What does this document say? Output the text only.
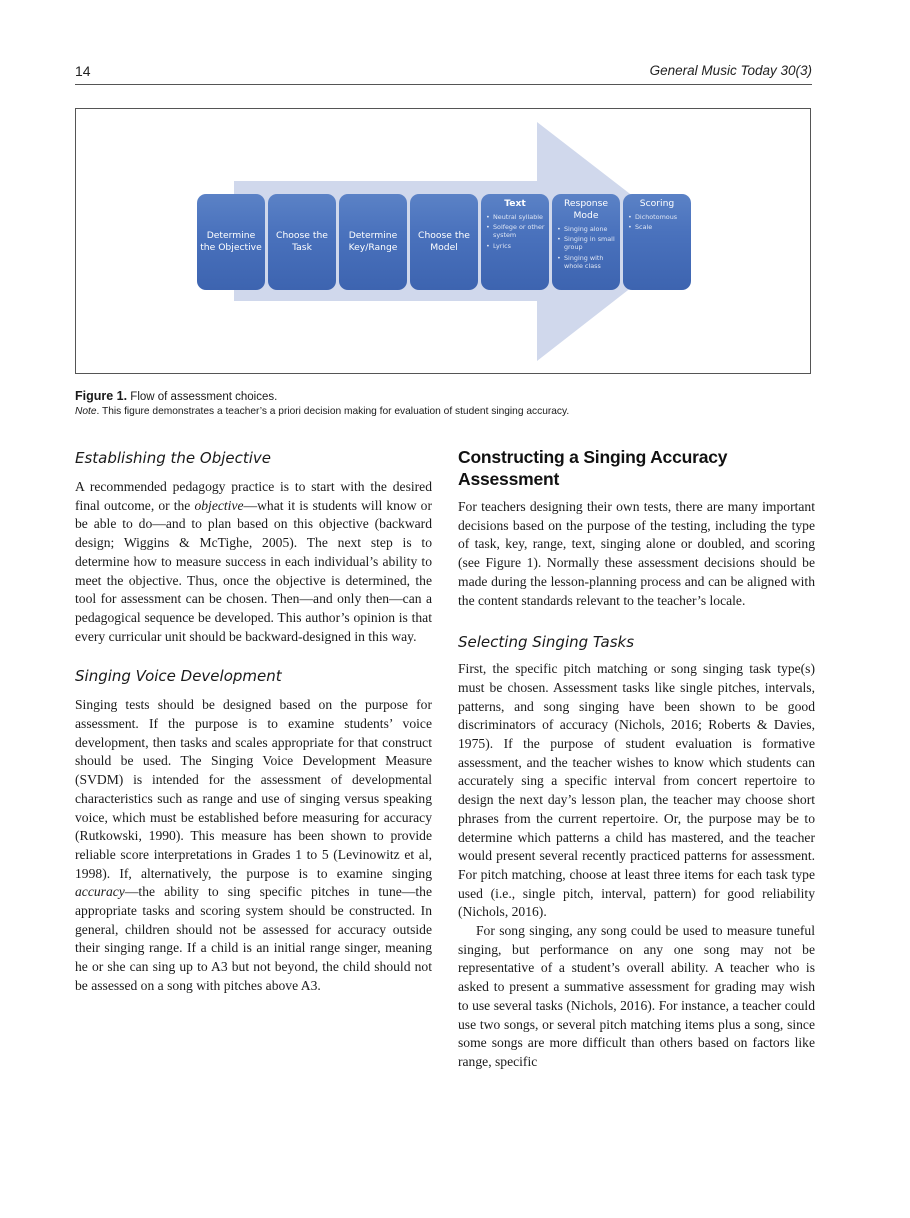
14	General Music Today 30(3)
Determine the Objective
Choose the Task
Determine Key/Range
Choose the Model
Text
• Neutral syllable
• Solfege or other system
• Lyrics
Response Mode
• Singing alone
• Singing in small group
• Singing with whole class
Scoring
• Dichotomous
• Scale
Figure 1. Flow of assessment choices.
Note. This figure demonstrates a teacher’s a priori decision making for evaluation of student singing accuracy.
Establishing the Objective

A recommended pedagogy practice is to start with the desired final outcome, or the objective—what it is students will know or be able to do—and to plan based on this objective (backward design; Wiggins & McTighe, 2005). The next step is to determine how to measure success in each individual’s ability to meet the objective. Thus, once the objective is determined, the tool for assessment can be chosen. Then—and only then—can a pedagogical sequence be developed. This author’s opinion is that every curricular unit should be backward-designed in this way.

Singing Voice Development

Singing tests should be designed based on the purpose for assessment. If the purpose is to examine students’ voice development, then tasks and scales appropriate for that construct should be used. The Singing Voice Development Measure (SVDM) is intended for the assessment of developmental characteristics such as range and use of singing versus speaking voice, which must be established before measuring for accuracy (Rutkowski, 1990). This measure has been shown to provide reliable score interpretations in Grades 1 to 5 (Levinowitz et al, 1998). If, alternatively, the purpose is to examine singing accuracy—the ability to sing specific pitches in tune—the appropriate tasks and scoring system should be constructed. In general, children should not be assessed for accuracy outside their singing range. If a child is an initial range singer, meaning he or she can sing up to A3 but not beyond, the child should not be assessed on a song with pitches above A3.

Constructing a Singing Accuracy Assessment

For teachers designing their own tests, there are many important decisions based on the purpose of the testing, including the type of task, key, range, text, singing alone or doubled, and scoring (see Figure 1). Normally these assessment decisions should be made during the lesson-planning process and can be aligned with the content standards relevant to the teacher’s locale.

Selecting Singing Tasks

First, the specific pitch matching or song singing task type(s) must be chosen. Assessment tasks like single pitches, intervals, patterns, and song singing have been shown to be good discriminators of accuracy (Nichols, 2016; Roberts & Davies, 1975). If the purpose of student evaluation is formative assessment, and the teacher wishes to know which students can accurately sing a specific interval from concert repertoire to design the next day’s lesson plan, the teacher may choose short phrases from the current repertoire. Or, the purpose may be to determine which patterns a child has mastered, and the teacher would present several recently practiced patterns for assessment. For pitch matching, choose at least three items for each task type used (i.e., single pitch, interval, pattern) for good reliability (Nichols, 2016).

For song singing, any song could be used to measure tuneful singing, but performance on any one song may not be representative of a student’s overall ability. A teacher who is asked to present a summative assessment for grading may wish to use several tasks (Nichols, 2016). For instance, a teacher could use two songs, or several pitch matching items plus a song, since some songs are more difficult than others based on factors like range, specific
